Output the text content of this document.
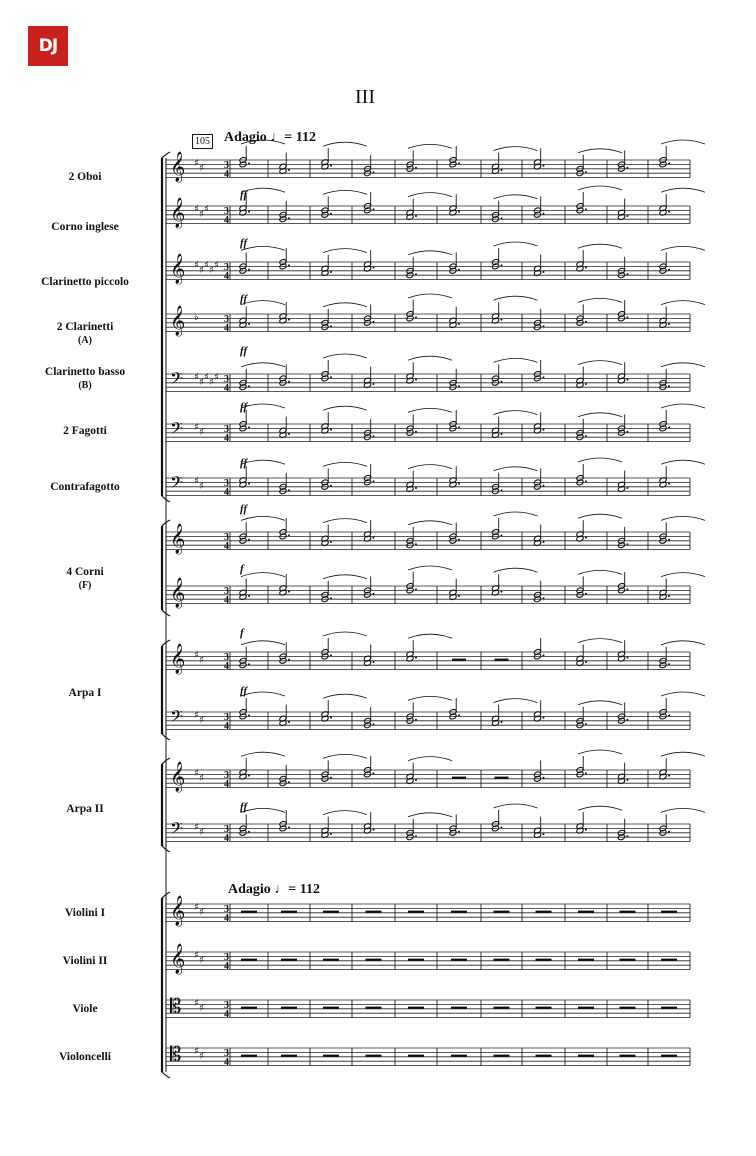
DJ
III
105 Adagio ♩= 112
Adagio ♩= 112
2 Oboi
Corno inglese
Clarinetto piccolo
2 Clarinetti
(A)
Clarinetto basso
(B)
2 Fagotti
Contrafagotto
4 Corni
(F)
Arpa I
Arpa II
Violini I
Violini II
Viole
Violoncelli
𝄞 ♯ ♯ 3
4
𝄞 ♯ ♯ ♯ 3
4
𝄞 ♯ ♯ ♯ ♯ ♯ 3
4
𝄞 ♭	3
4
𝄢 ♯ ♯ ♯ ♯ ♯ 3
4
𝄢 ♯ ♯ 3
4
𝄢 ♯ ♯ 3
4
𝄞	3
4
𝄞	3
4
𝄞 ♯ ♯ 3
4
𝄢 ♯ ♯ 3
4
𝄞 ♯ ♯ 3
4
𝄢 ♯ ♯ 3
4
𝄞 ♯ ♯ 3
4
𝄞 ♯ ♯ 3
4
𝄡 ♯ ♯ 3
4
𝄡 ♯ ♯ 3
4
ff
ff
ff
ff
ff
ff
ff
f
f
ff
ff
